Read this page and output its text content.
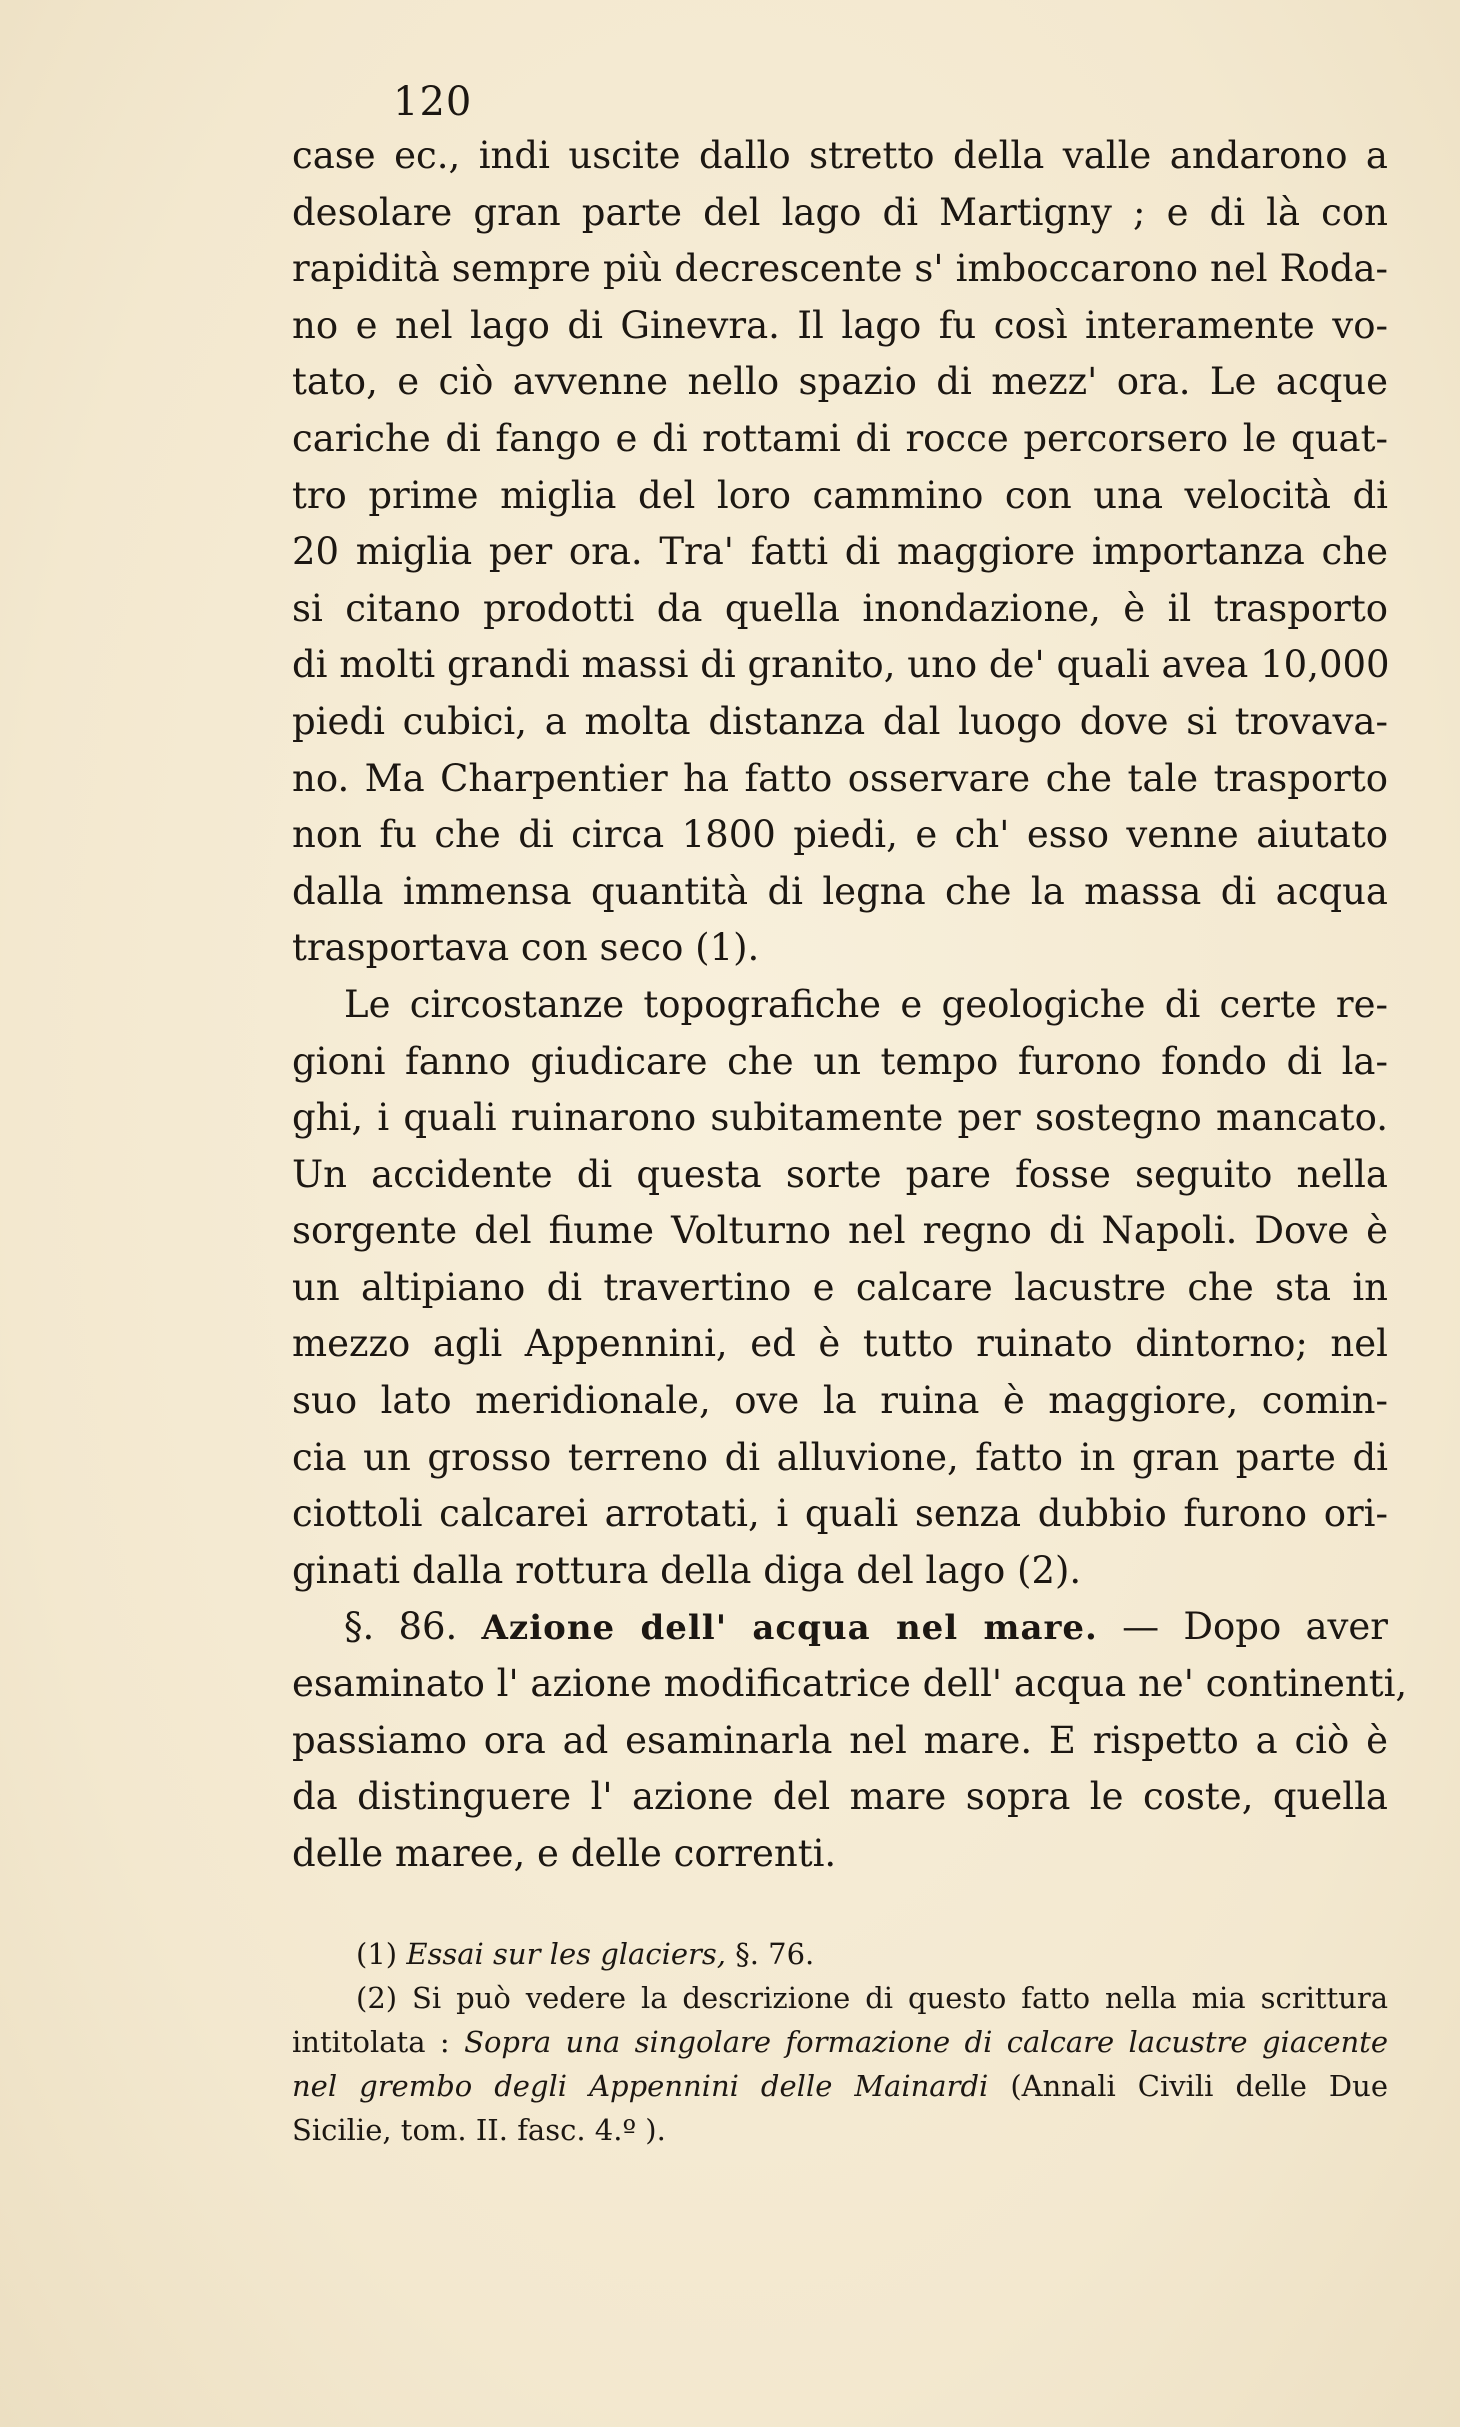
120
case ec., indi uscite dallo stretto della valle andarono a
desolare gran parte del lago di Martigny ; e di là con
rapidità sempre più decrescente s' imboccarono nel Roda-
no e nel lago di Ginevra. Il lago fu così interamente vo-
tato, e ciò avvenne nello spazio di mezz' ora. Le acque
cariche di fango e di rottami di rocce percorsero le quat-
tro prime miglia del loro cammino con una velocità di
20 miglia per ora. Tra' fatti di maggiore importanza che
si citano prodotti da quella inondazione, è il trasporto
di molti grandi massi di granito, uno de' quali avea 10,000
piedi cubici, a molta distanza dal luogo dove si trovava-
no. Ma Charpentier ha fatto osservare che tale trasporto
non fu che di circa 1800 piedi, e ch' esso venne aiutato
dalla immensa quantità di legna che la massa di acqua
trasportava con seco (1).
Le circostanze topografiche e geologiche di certe re-
gioni fanno giudicare che un tempo furono fondo di la-
ghi, i quali ruinarono subitamente per sostegno mancato.
Un accidente di questa sorte pare fosse seguito nella
sorgente del fiume Volturno nel regno di Napoli. Dove è
un altipiano di travertino e calcare lacustre che sta in
mezzo agli Appennini, ed è tutto ruinato dintorno; nel
suo lato meridionale, ove la ruina è maggiore, comin-
cia un grosso terreno di alluvione, fatto in gran parte di
ciottoli calcarei arrotati, i quali senza dubbio furono ori-
ginati dalla rottura della diga del lago (2).
§. 86. Azione dell' acqua nel mare. — Dopo aver
esaminato l' azione modificatrice dell' acqua ne' continenti,
passiamo ora ad esaminarla nel mare. E rispetto a ciò è
da distinguere l' azione del mare sopra le coste, quella
delle maree, e delle correnti.
(1) Essai sur les glaciers, §. 76.
(2) Si può vedere la descrizione di questo fatto nella mia scrittura
intitolata : Sopra una singolare formazione di calcare lacustre giacente
nel grembo degli Appennini delle Mainardi (Annali Civili delle Due
Sicilie, tom. II. fasc. 4.º ).
